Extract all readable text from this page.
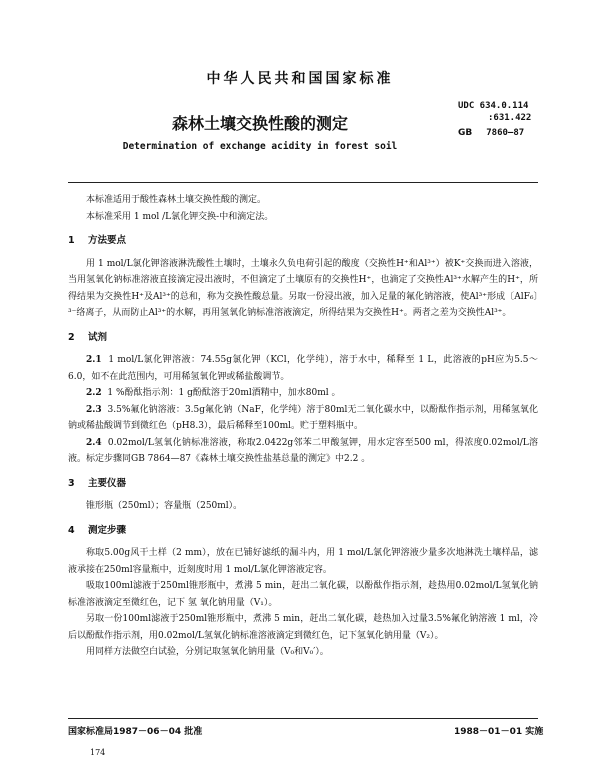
中华人民共和国国家标准
UDC 634.0.114
:631.422
GB 7860—87
森林土壤交换性酸的测定
Determination of exchange acidity in forest soil

本标准适用于酸性森林土壤交换性酸的测定。

本标准采用 1 mol /L氯化钾交换-中和滴定法。

1 方法要点

用 1 mol/L氯化钾溶液淋洗酸性土壤时，土壤永久负电荷引起的酸度（交换性H⁺和Al³⁺）被K⁺交换而进入溶液，当用氢氧化钠标准溶液直接滴定浸出液时，不但滴定了土壤原有的交换性H⁺，也滴定了交换性Al³⁺水解产生的H⁺，所得结果为交换性H⁺及Al³⁺的总和，称为交换性酸总量。另取一份浸出液，加入足量的氟化钠溶液，使Al³⁺形成〔AlF₆〕³⁻络离子，从而防止Al³⁺的水解，再用氢氧化钠标准溶液滴定，所得结果为交换性H⁺。两者之差为交换性Al³⁺。

2 试剂

2.1 1 mol/L氯化钾溶液：74.55g氯化钾（KCl，化学纯），溶于水中，稀释至 1 L，此溶液的pH应为5.5～6.0，如不在此范围内，可用稀氢氧化钾或稀盐酸调节。

2.2 1 %酚酞指示剂：1 g酚酞溶于20ml酒精中，加水80ml 。

2.3 3.5%氟化钠溶液：3.5g氟化钠（NaF，化学纯）溶于80ml无二氧化碳水中，以酚酞作指示剂，用稀氢氧化钠或稀盐酸调节到微红色（pH8.3），最后稀释至100ml。贮于塑料瓶中。

2.4 0.02mol/L氢氧化钠标准溶液，称取2.0422g邻苯二甲酸氢钾，用水定容至500 ml，得浓度0.02mol/L溶液。标定步骤同GB 7864—87《森林土壤交换性盐基总量的测定》中2.2 。

3 主要仪器

锥形瓶（250ml）；容量瓶（250ml）。

4 测定步骤

称取5.00g风干土样（2 mm），放在已铺好滤纸的漏斗内，用 1 mol/L氯化钾溶液少量多次地淋洗土壤样品，滤液承接在250ml容量瓶中，近刻度时用 1 mol/L氯化钾溶液定容。

吸取100ml滤液于250ml锥形瓶中，煮沸 5 min，赶出二氧化碳，以酚酞作指示剂，趁热用0.02mol/L氢氧化钠标准溶液滴定至微红色，记下 氢 氧化钠用量（V₁）。

另取一份100ml滤液于250ml锥形瓶中，煮沸 5 min，赶出二氧化碳，趁热加入过量3.5%氟化钠溶液 1 ml，冷后以酚酞作指示剂，用0.02mol/L氢氧化钠标准溶液滴定到微红色，记下氢氧化钠用量（V₂）。

用同样方法做空白试验，分别记取氢氧化钠用量（V₀和V₀′）。

国家标准局1987－06－04 批准	1988－01－01 实施
174
